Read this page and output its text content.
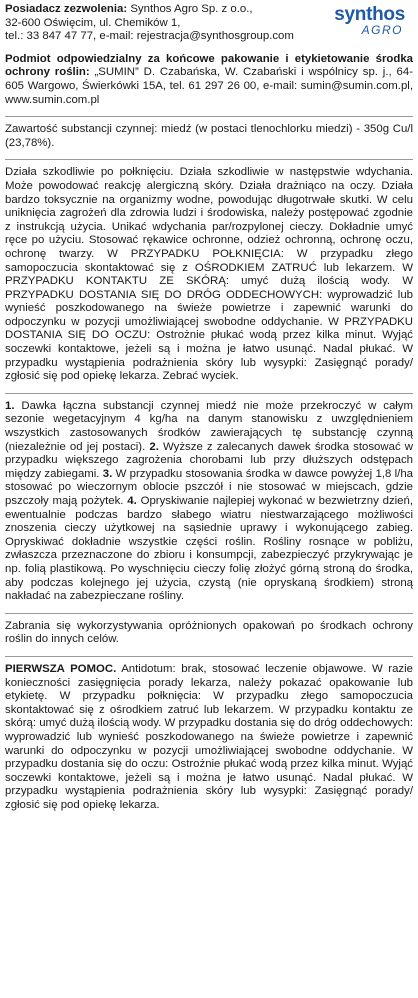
synthos
AGRO

Posiadacz zezwolenia: Synthos Agro Sp. z o.o.,
32-600 Oświęcim, ul. Chemików 1,
tel.: 33 847 47 77, e-mail: rejestracja@synthosgroup.com

Podmiot odpowiedzialny za końcowe pakowanie i etykietowanie środka ochrony roślin: „SUMIN” D. Czabańska, W. Czabański i wspólnicy sp. j., 64-605 Wargowo, Świerkówki 15A, tel. 61 297 26 00, e-mail: sumin@sumin.com.pl, www.sumin.com.pl

Zawartość substancji czynnej: miedź (w postaci tlenochlorku miedzi) - 350g Cu/l (23,78%).

Działa szkodliwie po połknięciu. Działa szkodliwie w następstwie wdychania. Może powodować reakcję alergiczną skóry. Działa drażniąco na oczy. Działa bardzo toksycznie na organizmy wodne, powodując długotrwałe skutki. W celu uniknięcia zagrożeń dla zdrowia ludzi i środowiska, należy postępować zgodnie z instrukcją użycia. Unikać wdychania par/rozpylonej cieczy. Dokładnie umyć ręce po użyciu. Stosować rękawice ochronne, odzież ochronną, ochronę oczu, ochronę twarzy. W PRZYPADKU POŁKNIĘCIA: W przypadku złego samopoczucia skontaktować się z OŚRODKIEM ZATRUĆ lub lekarzem. W PRZYPADKU KONTAKTU ZE SKÓRĄ: umyć dużą ilością wody. W PRZYPADKU DOSTANIA SIĘ DO DRÓG ODDECHOWYCH: wyprowadzić lub wynieść poszkodowanego na świeże powietrze i zapewnić warunki do odpoczynku w pozycji umożliwiającej swobodne oddychanie. W PRZYPADKU DOSTANIA SIĘ DO OCZU: Ostrożnie płukać wodą przez kilka minut. Wyjąć soczewki kontaktowe, jeżeli są i można je łatwo usunąć. Nadal płukać. W przypadku wystąpienia podrażnienia skóry lub wysypki: Zasięgnąć porady/ zgłosić się pod opiekę lekarza. Zebrać wyciek.

1. Dawka łączna substancji czynnej miedź nie może przekroczyć w całym sezonie wegetacyjnym 4 kg/ha na danym stanowisku z uwzględnieniem wszystkich zastosowanych środków zawierających tę substancję czynną (niezależnie od jej postaci). 2. Wyższe z zalecanych dawek środka stosować w przypadku większego zagrożenia chorobami lub przy dłuższych odstępach między zabiegami. 3. W przypadku stosowania środka w dawce powyżej 1,8 l/ha stosować po wieczornym oblocie pszczół i nie stosować w miejscach, gdzie pszczoły mają pożytek. 4. Opryskiwanie najlepiej wykonać w bezwietrzny dzień, ewentualnie podczas bardzo słabego wiatru niestwarzającego możliwości znoszenia cieczy użytkowej na sąsiednie uprawy i wykonującego zabieg. Opryskiwać dokładnie wszystkie części roślin. Rośliny rosnące w pobliżu, zwłaszcza przeznaczone do zbioru i konsumpcji, zabezpieczyć przykrywając je np. folią plastikową. Po wyschnięciu cieczy folię złożyć górną stroną do środka, aby podczas kolejnego jej użycia, czystą (nie opryskaną środkiem) stroną nakładać na zabezpieczane rośliny.

Zabrania się wykorzystywania opróżnionych opakowań po środkach ochrony roślin do innych celów.

PIERWSZA POMOC. Antidotum: brak, stosować leczenie objawowe. W razie konieczności zasięgnięcia porady lekarza, należy pokazać opakowanie lub etykietę. W przypadku połknięcia: W przypadku złego samopoczucia skontaktować się z ośrodkiem zatruć lub lekarzem. W przypadku kontaktu ze skórą: umyć dużą ilością wody. W przypadku dostania się do dróg oddechowych: wyprowadzić lub wynieść poszkodowanego na świeże powietrze i zapewnić warunki do odpoczynku w pozycji umożliwiającej swobodne oddychanie. W przypadku dostania się do oczu: Ostrożnie płukać wodą przez kilka minut. Wyjąć soczewki kontaktowe, jeżeli są i można je łatwo usunąć. Nadal płukać. W przypadku wystąpienia podrażnienia skóry lub wysypki: Zasięgnąć porady/ zgłosić się pod opiekę lekarza.
